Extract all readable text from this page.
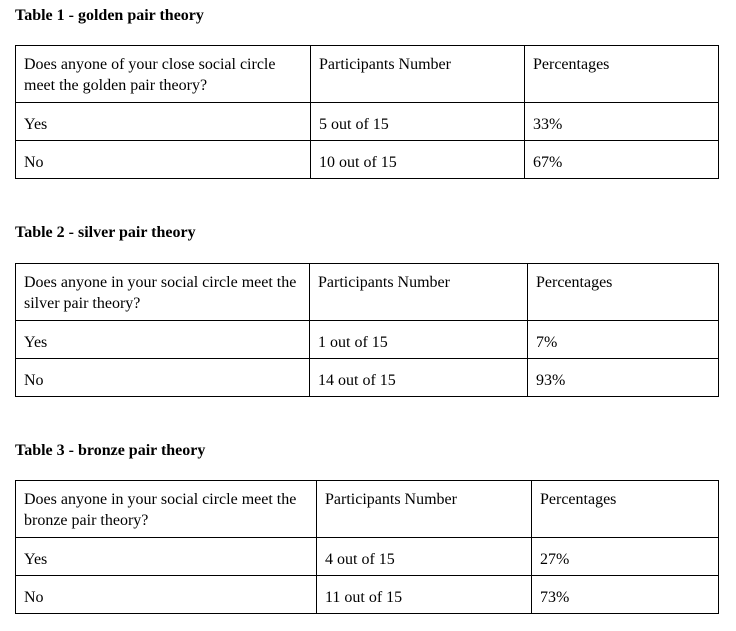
Table 1 - golden pair theory
Does anyone of your close social circle meet the golden pair theory?	Participants Number	Percentages
Yes	5 out of 15	33%
No	10 out of 15	67%
Table 2 - silver pair theory
Does anyone in your social circle meet the silver pair theory?	Participants Number	Percentages
Yes	1 out of 15	7%
No	14 out of 15	93%
Table 3 - bronze pair theory
Does anyone in your social circle meet the bronze pair theory?	Participants Number	Percentages
Yes	4 out of 15	27%
No	11 out of 15	73%
